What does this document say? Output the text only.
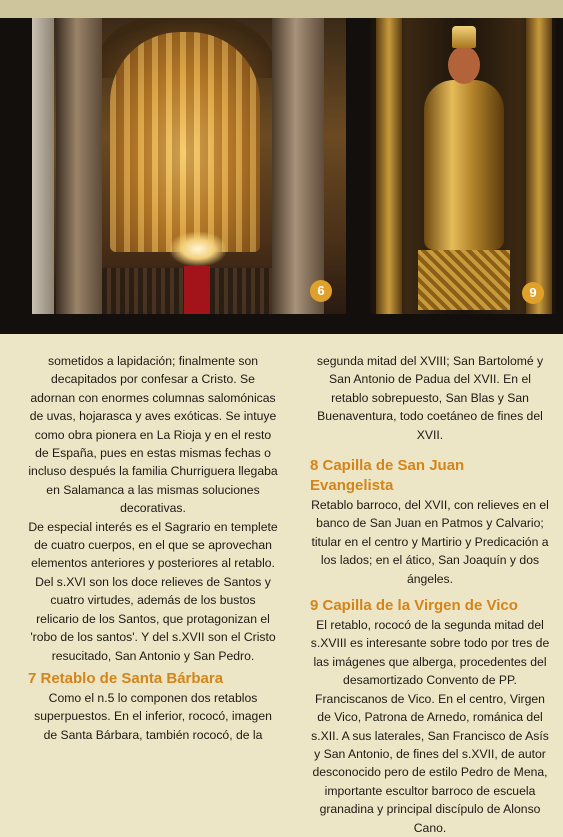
6	9

sometidos a lapidación; finalmente son decapitados por confesar a Cristo. Se adornan con enormes columnas salomónicas de uvas, hojarasca y aves exóticas. Se intuye como obra pionera en La Rioja y en el resto de España, pues en estas mismas fechas o incluso después la familia Churriguera llegaba en Salamanca a las mismas soluciones decorativas.

De especial interés es el Sagrario en templete de cuatro cuerpos, en el que se aprovechan elementos anteriores y posteriores al retablo. Del s.XVI son los doce relieves de Santos y cuatro virtudes, además de los bustos relicario de los Santos, que protagonizan el 'robo de los santos'. Y del s.XVII son el Cristo resucitado, San Antonio y San Pedro.

7 Retablo de Santa Bárbara

Como el n.5 lo componen dos retablos superpuestos. En el inferior, rococó, imagen de Santa Bárbara, también rococó, de la

segunda mitad del XVIII; San Bartolomé y San Antonio de Padua del XVII. En el retablo sobrepuesto, San Blas y San Buenaventura, todo coetáneo de fines del XVII.

8 Capilla de San Juan Evangelista

Retablo barroco, del XVII, con relieves en el banco de San Juan en Patmos y Calvario; titular en el centro y Martirio y Predicación a los lados; en el ático, San Joaquín y dos ángeles.

9 Capilla de la Virgen de Vico

El retablo, rococó de la segunda mitad del s.XVIII es interesante sobre todo por tres de las imágenes que alberga, procedentes del desamortizado Convento de PP. Franciscanos de Vico. En el centro, Virgen de Vico, Patrona de Arnedo, románica del s.XII. A sus laterales, San Francisco de Asís y San Antonio, de fines del s.XVII, de autor desconocido pero de estilo Pedro de Mena, importante escultor barroco de escuela granadina y principal discípulo de Alonso Cano.
